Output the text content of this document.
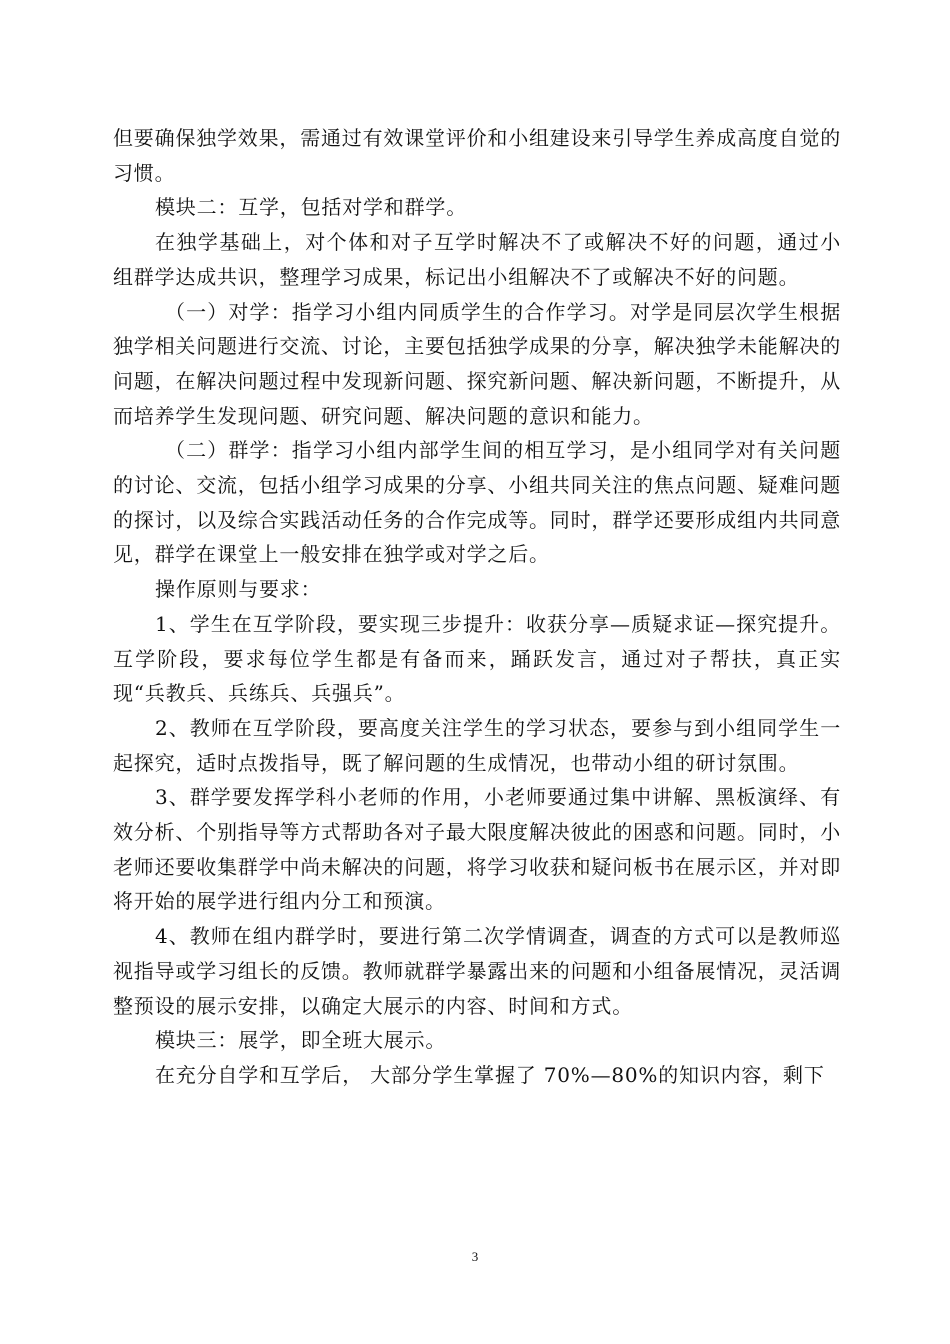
但要确保独学效果，需通过有效课堂评价和小组建设来引导学生养成高度自觉的习惯。

模块二：互学，包括对学和群学。

在独学基础上，对个体和对子互学时解决不了或解决不好的问题，通过小组群学达成共识，整理学习成果，标记出小组解决不了或解决不好的问题。

（一）对学：指学习小组内同质学生的合作学习。对学是同层次学生根据独学相关问题进行交流、讨论，主要包括独学成果的分享，解决独学未能解决的问题，在解决问题过程中发现新问题、探究新问题、解决新问题，不断提升，从而培养学生发现问题、研究问题、解决问题的意识和能力。

（二）群学：指学习小组内部学生间的相互学习，是小组同学对有关问题的讨论、交流，包括小组学习成果的分享、小组共同关注的焦点问题、疑难问题的探讨，以及综合实践活动任务的合作完成等。同时，群学还要形成组内共同意见，群学在课堂上一般安排在独学或对学之后。

操作原则与要求：

1、学生在互学阶段，要实现三步提升：收获分享—质疑求证—探究提升。互学阶段，要求每位学生都是有备而来，踊跃发言，通过对子帮扶，真正实现“兵教兵、兵练兵、兵强兵”。

2、教师在互学阶段，要高度关注学生的学习状态，要参与到小组同学生一起探究，适时点拨指导，既了解问题的生成情况，也带动小组的研讨氛围。

3、群学要发挥学科小老师的作用，小老师要通过集中讲解、黑板演绎、有效分析、个别指导等方式帮助各对子最大限度解决彼此的困惑和问题。同时，小老师还要收集群学中尚未解决的问题，将学习收获和疑问板书在展示区，并对即将开始的展学进行组内分工和预演。

4、教师在组内群学时，要进行第二次学情调查，调查的方式可以是教师巡视指导或学习组长的反馈。教师就群学暴露出来的问题和小组备展情况，灵活调整预设的展示安排，以确定大展示的内容、时间和方式。

模块三：展学，即全班大展示。

在充分自学和互学后， 大部分学生掌握了 70%—80%的知识内容，剩下

3
